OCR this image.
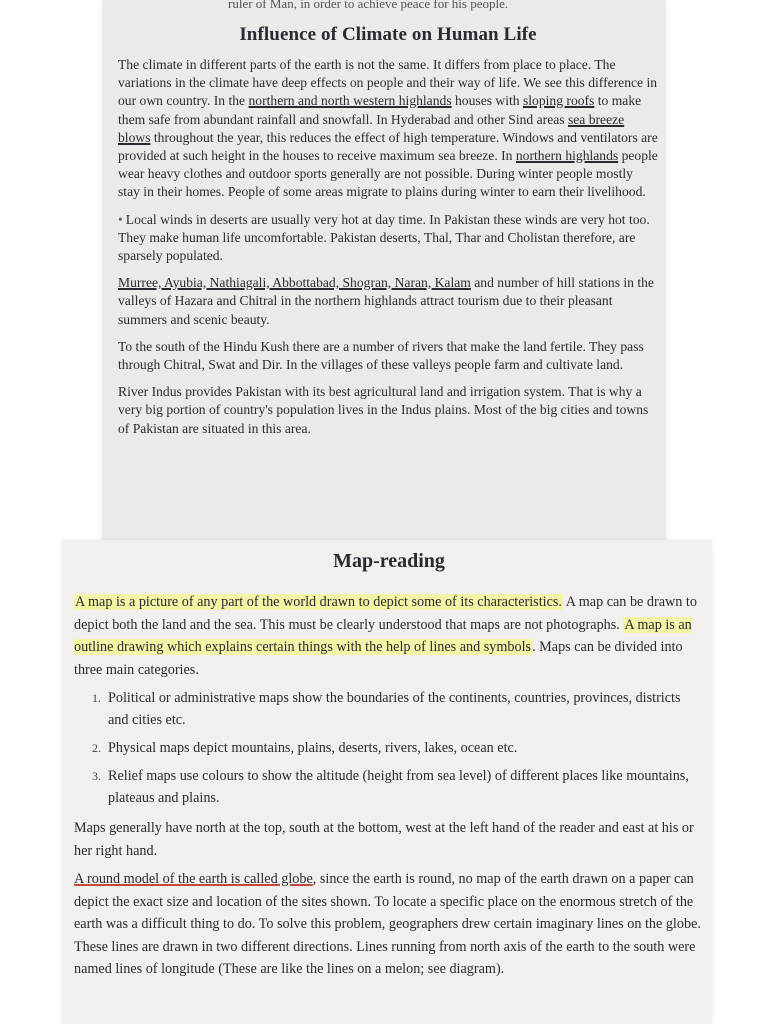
ruler of Man, in order to achieve peace for his people.
Influence of Climate on Human Life

The climate in different parts of the earth is not the same. It differs from place to place. The variations in the climate have deep effects on people and their way of life. We see this difference in our own country. In the northern and north western highlands houses with sloping roofs to make them safe from abundant rainfall and snowfall. In Hyderabad and other Sind areas sea breeze blows throughout the year, this reduces the effect of high temperature. Windows and ventilators are provided at such height in the houses to receive maximum sea breeze. In northern highlands people wear heavy clothes and outdoor sports generally are not possible. During winter people mostly stay in their homes. People of some areas migrate to plains during winter to earn their livelihood.

• Local winds in deserts are usually very hot at day time. In Pakistan these winds are very hot too. They make human life uncomfortable. Pakistan deserts, Thal, Thar and Cholistan therefore, are sparsely populated.

Murree, Ayubia, Nathiagali, Abbottabad, Shogran, Naran, Kalam and number of hill stations in the valleys of Hazara and Chitral in the northern highlands attract tourism due to their pleasant summers and scenic beauty.

To the south of the Hindu Kush there are a number of rivers that make the land fertile. They pass through Chitral, Swat and Dir. In the villages of these valleys people farm and cultivate land.

River Indus provides Pakistan with its best agricultural land and irrigation system. That is why a very big portion of country's population lives in the Indus plains. Most of the big cities and towns of Pakistan are situated in this area.

Map-reading

A map is a picture of any part of the world drawn to depict some of its characteristics. A map can be drawn to depict both the land and the sea. This must be clearly understood that maps are not photographs. A map is an outline drawing which explains certain things with the help of lines and symbols. Maps can be divided into three main categories.

1. Political or administrative maps show the boundaries of the continents, countries, provinces, districts and cities etc.
2. Physical maps depict mountains, plains, deserts, rivers, lakes, ocean etc.
3. Relief maps use colours to show the altitude (height from sea level) of different places like mountains, plateaus and plains.

Maps generally have north at the top, south at the bottom, west at the left hand of the reader and east at his or her right hand.

A round model of the earth is called globe, since the earth is round, no map of the earth drawn on a paper can depict the exact size and location of the sites shown. To locate a specific place on the enormous stretch of the earth was a difficult thing to do. To solve this problem, geographers drew certain imaginary lines on the globe. These lines are drawn in two different directions. Lines running from north axis of the earth to the south were named lines of longitude (These are like the lines on a melon; see diagram).
